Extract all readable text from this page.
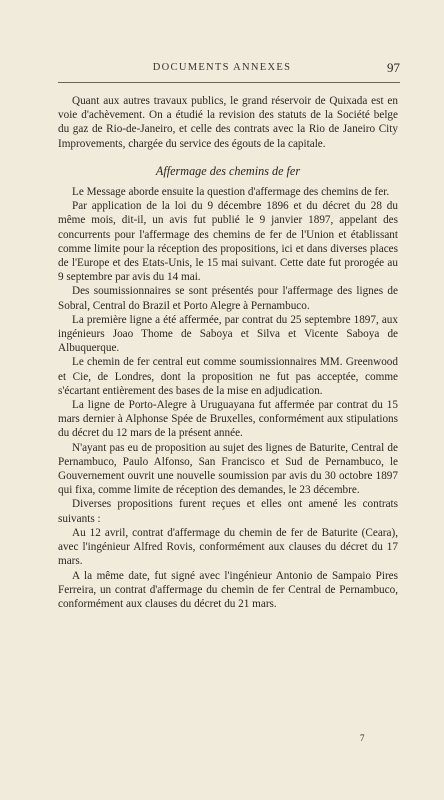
DOCUMENTS ANNEXES	97

Quant aux autres travaux publics, le grand réservoir de Quixada est en voie d'achèvement. On a étudié la revision des statuts de la Société belge du gaz de Rio-de-Janeiro, et celle des contrats avec la Rio de Janeiro City Improvements, chargée du service des égouts de la capitale.

Affermage des chemins de fer

Le Message aborde ensuite la question d'affermage des chemins de fer.

Par application de la loi du 9 décembre 1896 et du décret du 28 du même mois, dit-il, un avis fut publié le 9 janvier 1897, appelant des concurrents pour l'affermage des chemins de fer de l'Union et établissant comme limite pour la réception des propositions, ici et dans diverses places de l'Europe et des Etats-Unis, le 15 mai suivant. Cette date fut prorogée au 9 septembre par avis du 14 mai.

Des soumissionnaires se sont présentés pour l'affermage des lignes de Sobral, Central do Brazil et Porto Alegre à Pernambuco.

La première ligne a été affermée, par contrat du 25 septembre 1897, aux ingénieurs Joao Thome de Saboya et Silva et Vicente Saboya de Albuquerque.

Le chemin de fer central eut comme soumissionnaires MM. Greenwood et Cie, de Londres, dont la proposition ne fut pas acceptée, comme s'écartant entièrement des bases de la mise en adjudication.

La ligne de Porto-Alegre à Uruguayana fut affermée par contrat du 15 mars dernier à Alphonse Spée de Bruxelles, conformément aux stipulations du décret du 12 mars de la présent année.

N'ayant pas eu de proposition au sujet des lignes de Baturite, Central de Pernambuco, Paulo Alfonso, San Francisco et Sud de Pernambuco, le Gouvernement ouvrit une nouvelle soumission par avis du 30 octobre 1897 qui fixa, comme limite de réception des demandes, le 23 décembre.

Diverses propositions furent reçues et elles ont amené les contrats suivants :

Au 12 avril, contrat d'affermage du chemin de fer de Baturite (Ceara), avec l'ingénieur Alfred Rovis, conformément aux clauses du décret du 17 mars.

A la même date, fut signé avec l'ingénieur Antonio de Sampaio Pires Ferreira, un contrat d'affermage du chemin de fer Central de Pernambuco, conformément aux clauses du décret du 21 mars.

7
